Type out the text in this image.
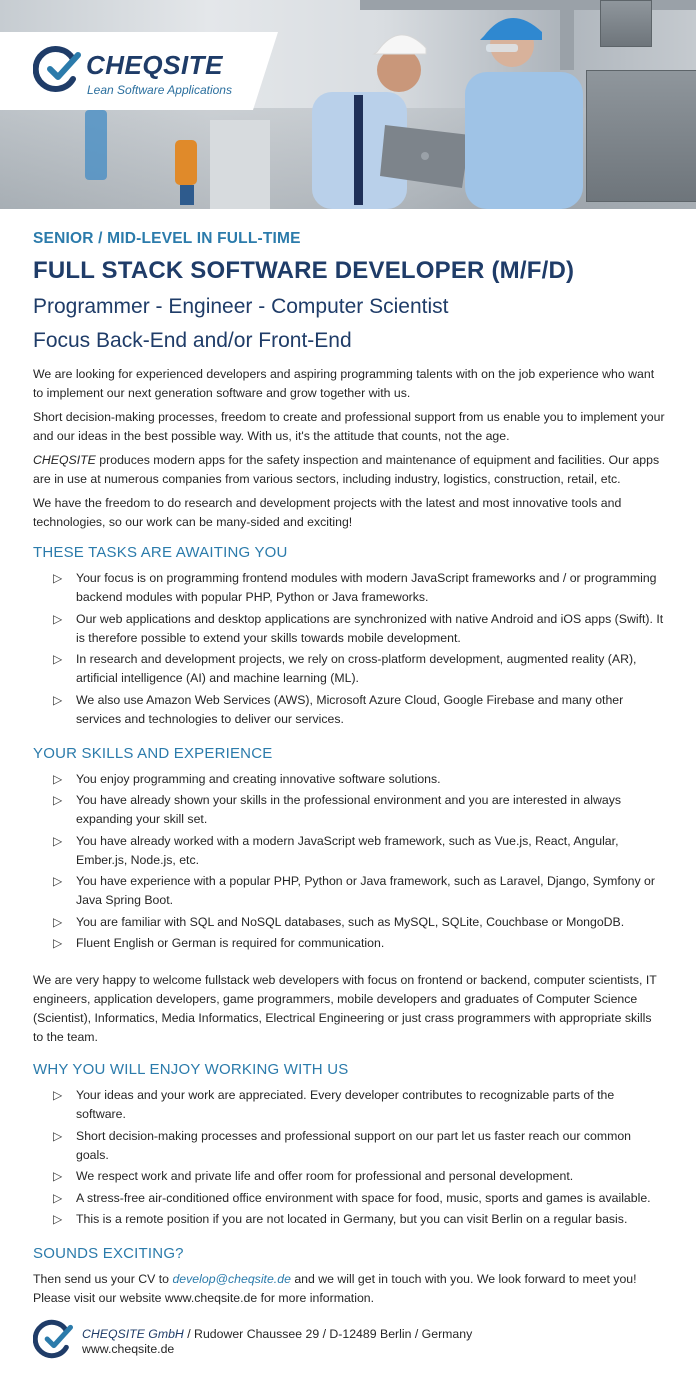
CHEQSITE
Lean Software Applications
SENIOR / MID-LEVEL IN FULL-TIME
FULL STACK SOFTWARE DEVELOPER (M/F/D)
Programmer - Engineer - Computer Scientist
Focus Back-End and/or Front-End

We are looking for experienced developers and aspiring programming talents with on the job experience who want to implement our next generation software and grow together with us.

Short decision-making processes, freedom to create and professional support from us enable you to implement your and our ideas in the best possible way. With us, it's the attitude that counts, not the age.

CHEQSITE produces modern apps for the safety inspection and maintenance of equipment and facilities. Our apps are in use at numerous companies from various sectors, including industry, logistics, construction, retail, etc.

We have the freedom to do research and development projects with the latest and most innovative tools and technologies, so our work can be many-sided and exciting!

THESE TASKS ARE AWAITING YOU
▷ Your focus is on programming frontend modules with modern JavaScript frameworks and / or programming backend modules with popular PHP, Python or Java frameworks.
▷ Our web applications and desktop applications are synchronized with native Android and iOS apps (Swift). It is therefore possible to extend your skills towards mobile development.
▷ In research and development projects, we rely on cross-platform development, augmented reality (AR), artificial intelligence (AI) and machine learning (ML).
▷ We also use Amazon Web Services (AWS), Microsoft Azure Cloud, Google Firebase and many other services and technologies to deliver our services.
YOUR SKILLS AND EXPERIENCE
▷ You enjoy programming and creating innovative software solutions.
▷ You have already shown your skills in the professional environment and you are interested in always expanding your skill set.
▷ You have already worked with a modern JavaScript web framework, such as Vue.js, React, Angular, Ember.js, Node.js, etc.
▷ You have experience with a popular PHP, Python or Java framework, such as Laravel, Django, Symfony or Java Spring Boot.
▷ You are familiar with SQL and NoSQL databases, such as MySQL, SQLite, Couchbase or MongoDB.
▷ Fluent English or German is required for communication.

We are very happy to welcome fullstack web developers with focus on frontend or backend, computer scientists, IT engineers, application developers, game programmers, mobile developers and graduates of Computer Science (Scientist), Informatics, Media Informatics, Electrical Engineering or just crass programmers with appropriate skills to the team.

WHY YOU WILL ENJOY WORKING WITH US
▷ Your ideas and your work are appreciated. Every developer contributes to recognizable parts of the software.
▷ Short decision-making processes and professional support on our part let us faster reach our common goals.
▷ We respect work and private life and offer room for professional and personal development.
▷ A stress-free air-conditioned office environment with space for food, music, sports and games is available.
▷ This is a remote position if you are not located in Germany, but you can visit Berlin on a regular basis.
SOUNDS EXCITING?

Then send us your CV to develop@cheqsite.de and we will get in touch with you. We look forward to meet you!

Please visit our website www.cheqsite.de for more information.

CHEQSITE GmbH / Rudower Chaussee 29 / D-12489 Berlin / Germany
www.cheqsite.de
